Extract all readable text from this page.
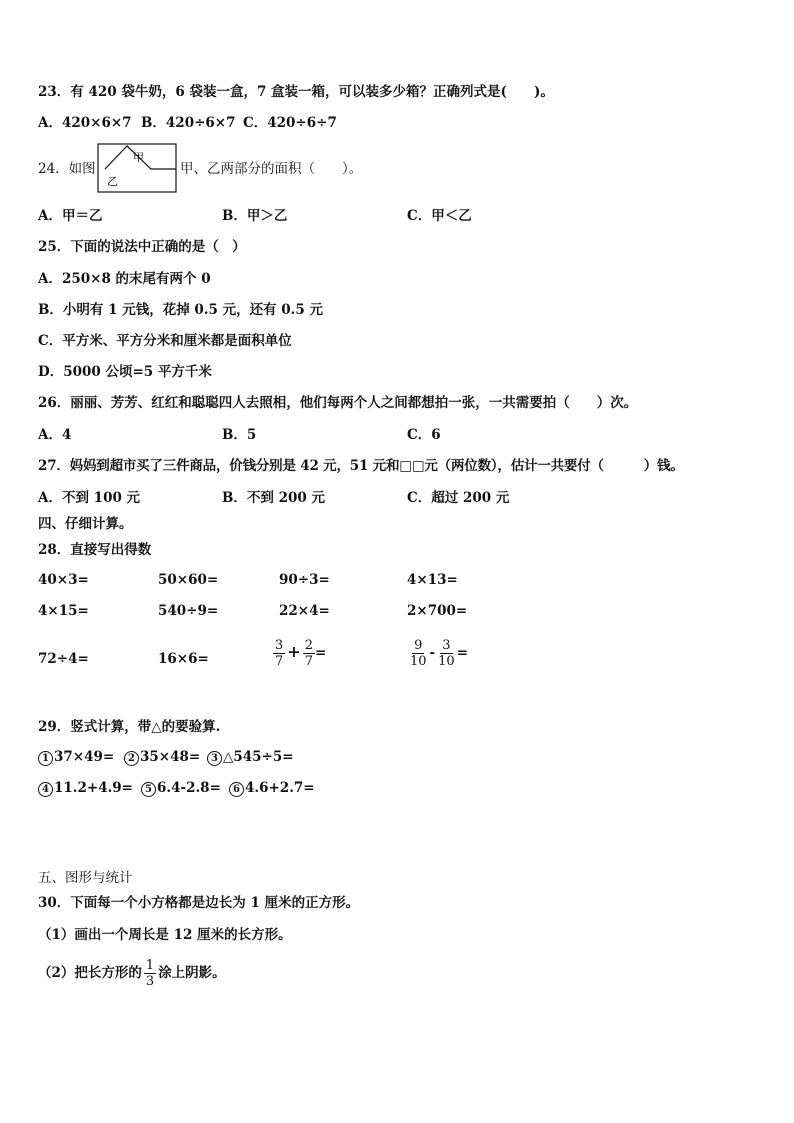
23．有 420 袋牛奶，6 袋装一盒，7 盒装一箱，可以装多少箱？正确列式是(　　)。
A．420×6×7 B．420÷6×7 C．420÷6÷7
24．如图
甲
乙
甲、乙两部分的面积（　　）。
A．甲＝乙	B．甲＞乙	C．甲＜乙
25．下面的说法中正确的是（　）
A．250×8 的末尾有两个 0
B．小明有 1 元钱，花掉 0.5 元，还有 0.5 元
C．平方米、平方分米和厘米都是面积单位
D．5000 公顷=5 平方千米
26．丽丽、芳芳、红红和聪聪四人去照相，他们每两个人之间都想拍一张，一共需要拍（　　）次。
A．4	B．5	C．6
27．妈妈到超市买了三件商品，价钱分别是 42 元，51 元和□□元（两位数），估计一共要付（　　　）钱。
A．不到 100 元	B．不到 200 元	C．超过 200 元
四、仔细计算。
28．直接写出得数
40×3=	50×60=	90÷3=	4×13=
4×15=	540÷9=	22×4=	2×700=
72÷4=	16×6=	$\frac{3}{7} + \frac{2}{7}$ =	$\frac{9}{10} - \frac{3}{10}$ =
29．竖式计算，带△的要验算.
1 37×49=	2 35×48=	3 △545÷5=
4 11.2+4.9=	5 6.4-2.8=	6 4.6+2.7=
五、图形与统计
30．下面每一个小方格都是边长为 1 厘米的正方形。
（1）画出一个周长是 12 厘米的长方形。
（2）把长方形的 $\frac{1}{3}$ 涂上阴影。
